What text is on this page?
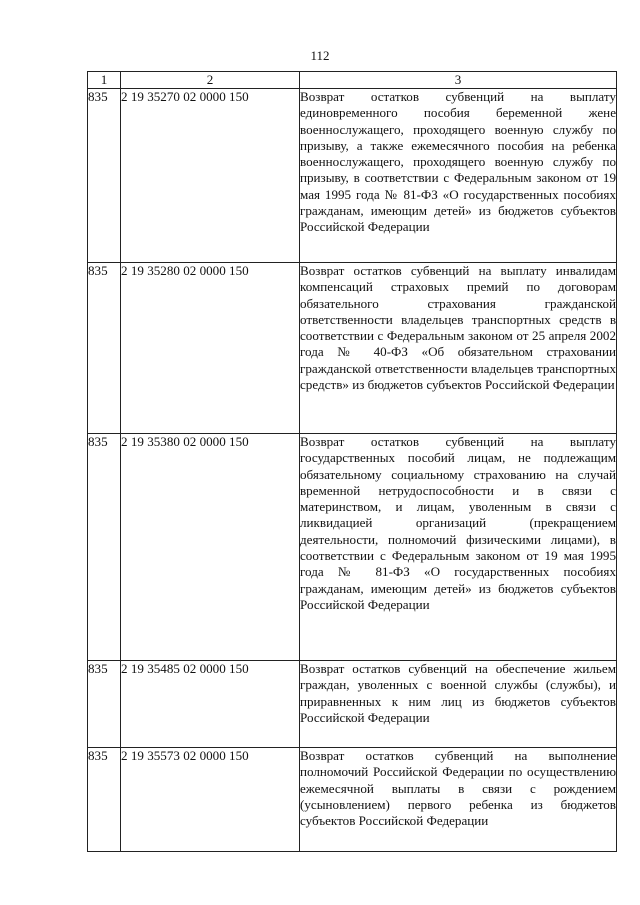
112
1	2	3
835	2 19 35270 02 0000 150	Возврат остатков субвенций на выплату единовременного пособия беременной жене военнослужащего, проходящего военную службу по призыву, а также ежемесячного пособия на ребенка военнослужащего, проходящего военную службу по призыву, в соответствии с Федеральным законом от 19 мая 1995 года № 81-ФЗ «О государственных пособиях гражданам, имеющим детей» из бюджетов субъектов Российской Федерации
835	2 19 35280 02 0000 150	Возврат остатков субвенций на выплату инвалидам компенсаций страховых премий по договорам обязательного страхования гражданской ответственности владельцев транспортных средств в соответствии с Федеральным законом от 25 апреля 2002 года № 40-ФЗ «Об обязательном страховании гражданской ответственности владельцев транспортных средств» из бюджетов субъектов Российской Федерации
835	2 19 35380 02 0000 150	Возврат остатков субвенций на выплату государственных пособий лицам, не подлежащим обязательному социальному страхованию на случай временной нетрудоспособности и в связи с материнством, и лицам, уволенным в связи с ликвидацией организаций (прекращением деятельности, полномочий физическими лицами), в соответствии с Федеральным законом от 19 мая 1995 года № 81-ФЗ «О государственных пособиях гражданам, имеющим детей» из бюджетов субъектов Российской Федерации
835	2 19 35485 02 0000 150	Возврат остатков субвенций на обеспечение жильем граждан, уволенных с военной службы (службы), и приравненных к ним лиц из бюджетов субъектов Российской Федерации
835	2 19 35573 02 0000 150	Возврат остатков субвенций на выполнение полномочий Российской Федерации по осуществлению ежемесячной выплаты в связи с рождением (усыновлением) первого ребенка из бюджетов субъектов Российской Федерации
